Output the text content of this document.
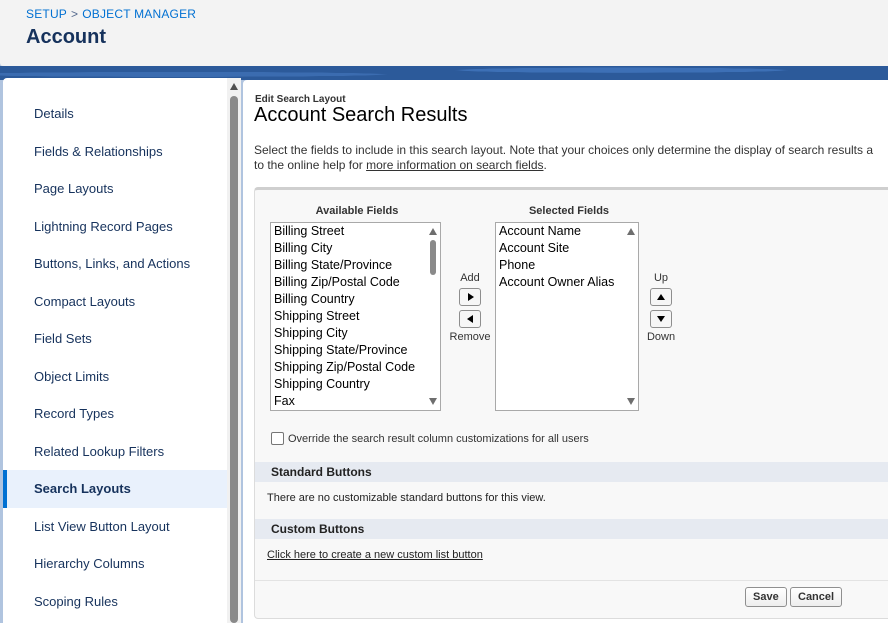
SETUP > OBJECT MANAGER
Account
Details
Fields & Relationships
Page Layouts
Lightning Record Pages
Buttons, Links, and Actions
Compact Layouts
Field Sets
Object Limits
Record Types
Related Lookup Filters
Search Layouts
List View Button Layout
Hierarchy Columns
Scoping Rules
Edit Search Layout
Account Search Results
Select the fields to include in this search layout. Note that your choices only determine the display of search results a
to the online help for more information on search fields.
Available Fields
Billing Street
Billing City
Billing State/Province
Billing Zip/Postal Code
Billing Country
Shipping Street
Shipping City
Shipping State/Province
Shipping Zip/Postal Code
Shipping Country
Fax
Add
Remove
Selected Fields
Account Name
Account Site
Phone
Account Owner Alias	Up
Down
Override the search result column customizations for all users
Standard Buttons
There are no customizable standard buttons for this view.
Custom Buttons
Click here to create a new custom list button
Save	Cancel
